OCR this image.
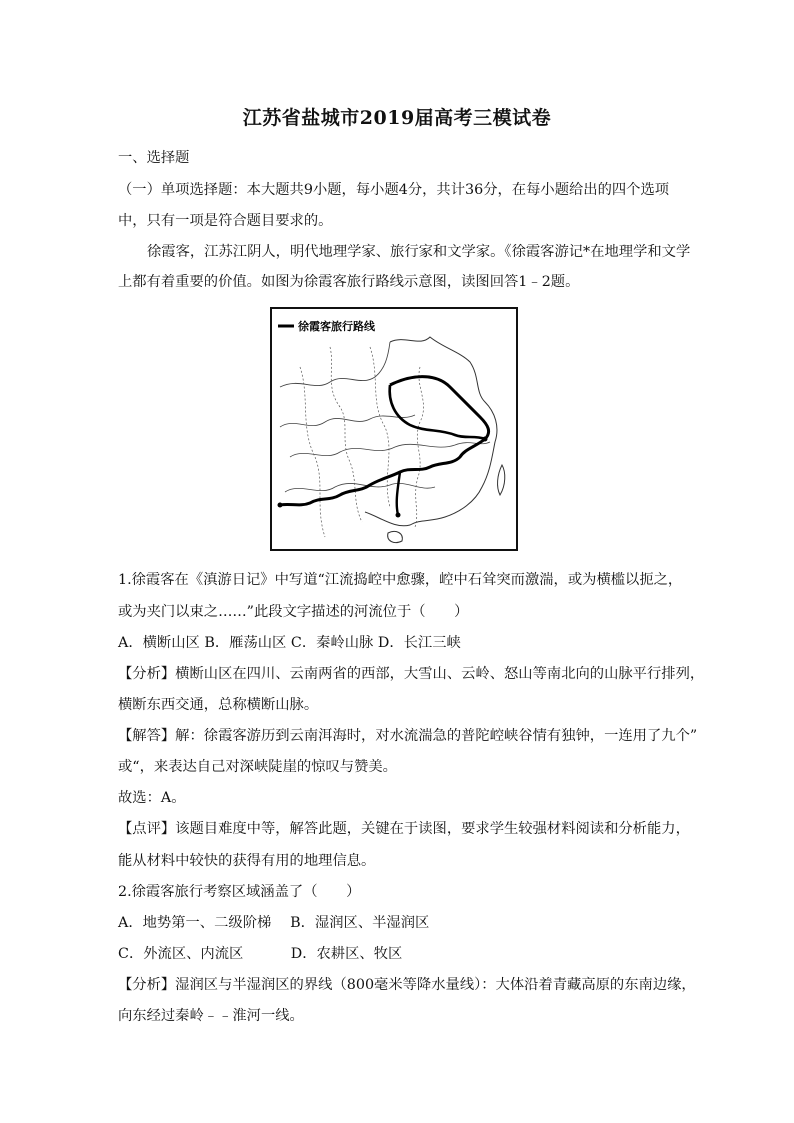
江苏省盐城市2019届高考三模试卷
一、选择题
（一）单项选择题：本大题共9小题，每小题4分，共计36分，在每小题给出的四个选项
中，只有一项是符合题目要求的。
徐霞客，江苏江阴人，明代地理学家、旅行家和文学家。《徐霞客游记*在地理学和文学
上都有着重要的价值。如图为徐霞客旅行路线示意图，读图回答1﹣2题。
徐霞客旅行路线
1.徐霞客在《滇游日记》中写道“江流捣崆中愈骤，崆中石耸突而激湍，或为横槛以扼之，
或为夹门以束之……”此段文字描述的河流位于（　　）
A．横断山区 B．雁荡山区 C．秦岭山脉 D．长江三峡
【分析】横断山区在四川、云南两省的西部，大雪山、云岭、怒山等南北向的山脉平行排列，
横断东西交通，总称横断山脉。
【解答】解：徐霞客游历到云南洱海时，对水流湍急的普陀崆峡谷情有独钟，一连用了九个”
或“，来表达自己对深峡陡崖的惊叹与赞美。
故选：A。
【点评】该题目难度中等，解答此题，关键在于读图，要求学生较强材料阅读和分析能力，
能从材料中较快的获得有用的地理信息。
2.徐霞客旅行考察区域涵盖了（　　）
A．地势第一、二级阶梯　 B．湿润区、半湿润区
C．外流区、内流区　　　 D．农耕区、牧区
【分析】湿润区与半湿润区的界线（800毫米等降水量线）：大体沿着青藏高原的东南边缘，
向东经过秦岭﹣﹣淮河一线。
